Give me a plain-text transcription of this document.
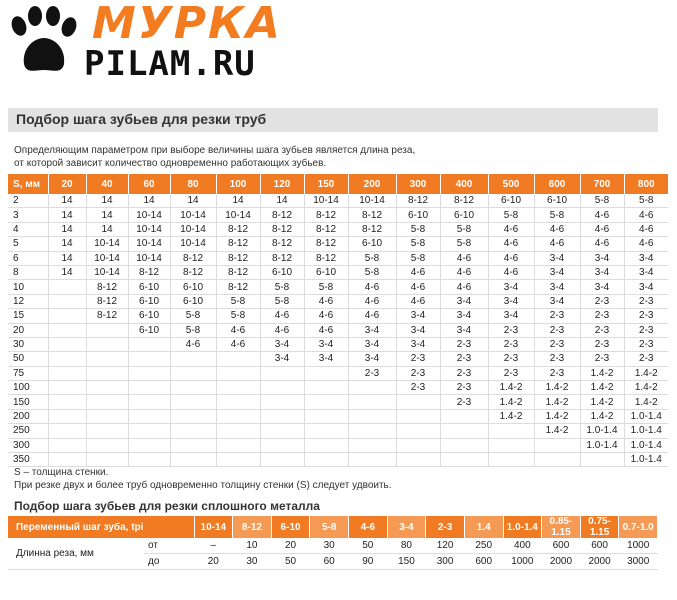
МУРКА
PILAM.RU
Подбор шага зубьев для резки труб
Определяющим параметром при выборе величины шага зубьев является длина реза,
от которой зависит количество одновременно работающих зубьев.
S, мм	20	40	60	80	100	120	150	200	300	400	500	600	700	800
2	14	14	14	14	14	14	10-14	10-14	8-12	8-12	6-10	6-10	5-8	5-8
3	14	14	10-14	10-14	10-14	8-12	8-12	8-12	6-10	6-10	5-8	5-8	4-6	4-6
4	14	14	10-14	10-14	8-12	8-12	8-12	8-12	5-8	5-8	4-6	4-6	4-6	4-6
5	14	10-14	10-14	10-14	8-12	8-12	8-12	6-10	5-8	5-8	4-6	4-6	4-6	4-6
6	14	10-14	10-14	8-12	8-12	8-12	8-12	5-8	5-8	4-6	4-6	3-4	3-4	3-4
8	14	10-14	8-12	8-12	8-12	6-10	6-10	5-8	4-6	4-6	4-6	3-4	3-4	3-4
10		8-12	6-10	6-10	8-12	5-8	5-8	4-6	4-6	4-6	3-4	3-4	3-4	3-4
12		8-12	6-10	6-10	5-8	5-8	4-6	4-6	4-6	3-4	3-4	3-4	2-3	2-3
15		8-12	6-10	5-8	5-8	4-6	4-6	4-6	3-4	3-4	3-4	2-3	2-3	2-3
20			6-10	5-8	4-6	4-6	4-6	3-4	3-4	3-4	2-3	2-3	2-3	2-3
30				4-6	4-6	3-4	3-4	3-4	3-4	2-3	2-3	2-3	2-3	2-3
50						3-4	3-4	3-4	2-3	2-3	2-3	2-3	2-3	2-3
75								2-3	2-3	2-3	2-3	2-3	1.4-2	1.4-2
100									2-3	2-3	1.4-2	1.4-2	1.4-2	1.4-2
150										2-3	1.4-2	1.4-2	1.4-2	1.4-2
200											1.4-2	1.4-2	1.4-2	1.0-1.4
250												1.4-2	1.0-1.4	1.0-1.4
300													1.0-1.4	1.0-1.4
350														1.0-1.4
S – толщина стенки.
При резке двух и более труб одновременно толщину стенки (S) следует удвоить.
Подбор шага зубьев для резки сплошного металла
Переменный шаг зуба, tpi		10-14	8-12	6-10	5-8	4-6	3-4	2-3	1.4	1.0-1.4	0.85-1.15	0.75-1.15	0.7-1.0
Длинна реза, мм	от	–	10	20	30	50	80	120	250	400	600	600	1000
	до	20	30	50	60	90	150	300	600	1000	2000	2000	3000
